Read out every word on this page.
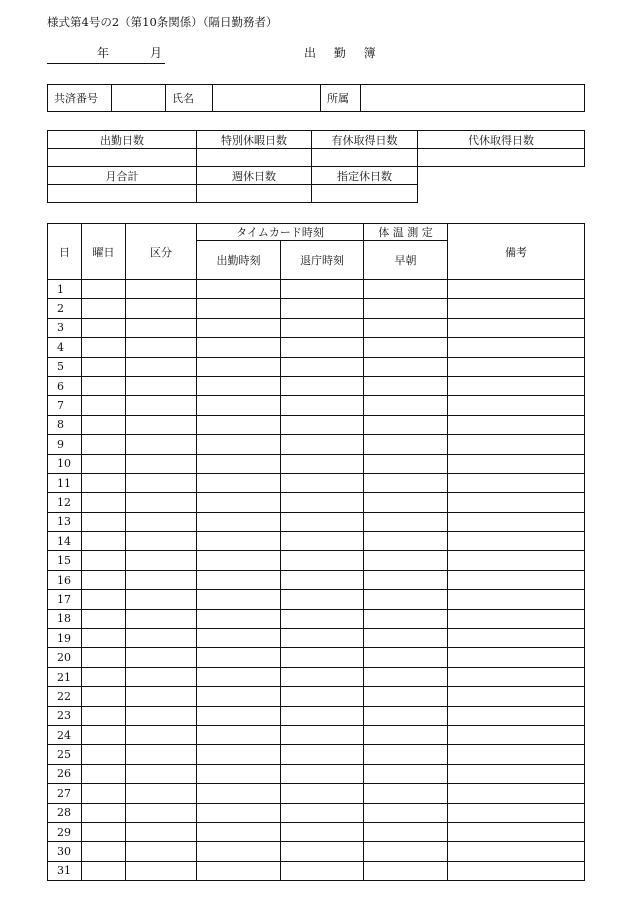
様式第4号の2（第10条関係）（隔日勤務者）
年	月	出 勤 簿
共済番号		氏名		所属	
出勤日数	特別休暇日数	有休取得日数	代休取得日数

月合計	週休日数	指定休日数	

日	曜日	区分	タイムカード時刻		体 温 測 定	備考
			出勤時刻	退庁時刻	早朝	
1						
2						
3						
4						
5						
6						
7						
8						
9						
10						
11						
12						
13						
14						
15						
16						
17						
18						
19						
20						
21						
22						
23						
24						
25						
26						
27						
28						
29						
30						
31						
